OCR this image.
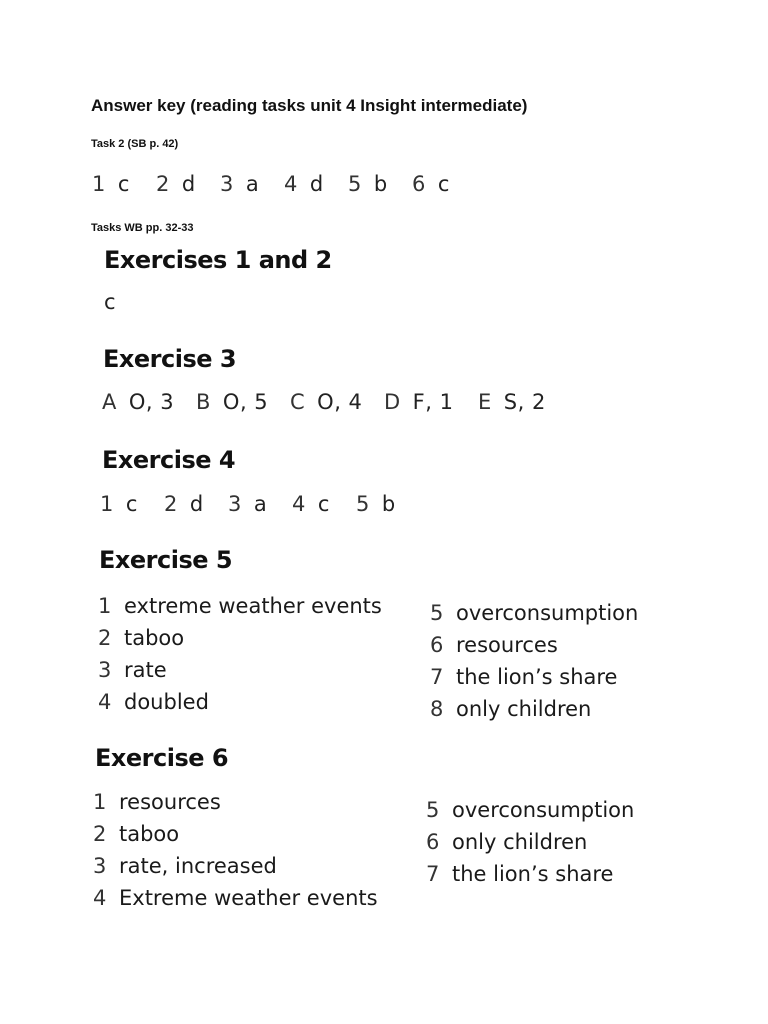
Answer key (reading tasks unit 4 Insight intermediate)
Task 2 (SB p. 42)
1 c 2 d 3 a 4 d 5 b 6 c
Tasks WB pp. 32-33
Exercises 1 and 2
c
Exercise 3
A O, 3 B O, 5 C O, 4 D F, 1 E S, 2
Exercise 4
1 c 2 d 3 a 4 c 5 b
Exercise 5
1 extreme weather events
2 taboo
3 rate
4 doubled
5 overconsumption
6 resources
7 the lion’s share
8 only children
Exercise 6
1 resources
2 taboo
3 rate, increased
4 Extreme weather events
5 overconsumption
6 only children
7 the lion’s share
